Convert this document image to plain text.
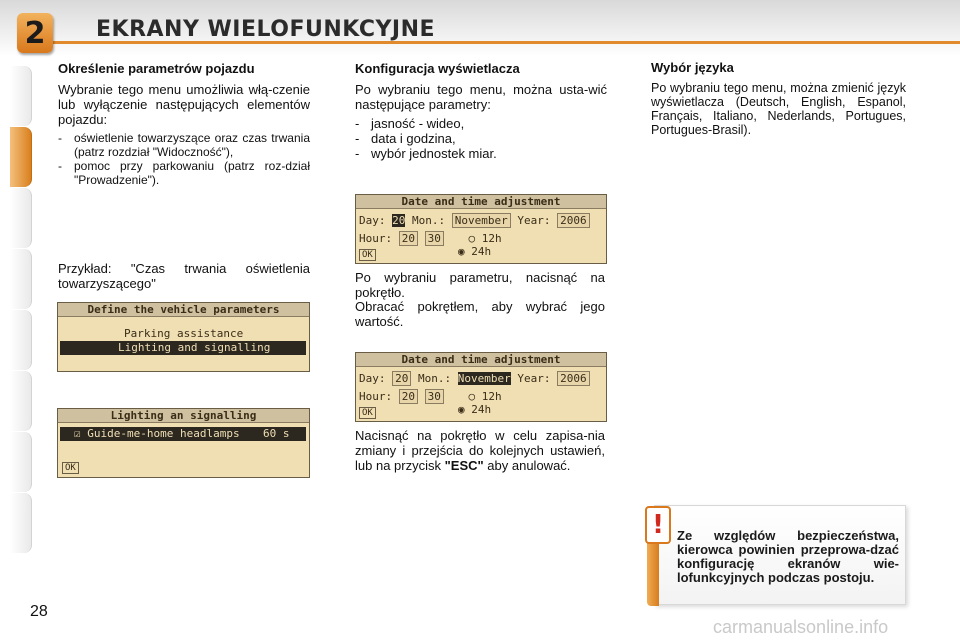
2 EKRANY WIELOFUNKCYJNE
Określenie parametrów pojazdu

Wybranie tego menu umożliwia włą-czenie lub wyłączenie następujących elementów pojazdu:

- oświetlenie towarzyszące oraz czas trwania (patrz rozdział "Widoczność"),
- pomoc przy parkowaniu (patrz roz-dział "Prowadzenie").
Przykład: "Czas trwania oświetlenia towarzyszącego"
Define the vehicle parameters
Parking assistance
Lighting and signalling
Lighting an signalling
☑ Guide-me-home headlamps	60 s
OK
Konfiguracja wyświetlacza

Po wybraniu tego menu, można usta-wić następujące parametry:

- jasność - wideo,
- data i godzina,
- wybór jednostek miar.
Date and time adjustment
Day: 20 Mon.: November Year: 2006
Hour: 20 30	○ 12h
◉ 24h
OK
Po wybraniu parametru, nacisnąć na pokrętło.
Obracać pokrętłem, aby wybrać jego wartość.
Date and time adjustment
Day: 20 Mon.: November Year: 2006
Hour: 20 30	○ 12h
◉ 24h
OK
Nacisnąć na pokrętło w celu zapisa-nia zmiany i przejścia do kolejnych ustawień, lub na przycisk "ESC" aby anulować.
Wybór języka

Po wybraniu tego menu, można zmienić język wyświetlacza (Deutsch, English, Espanol, Français, Italiano, Nederlands, Portugues, Portugues-Brasil).

!	Ze względów bezpieczeństwa, kierowca powinien przeprowa-dzać konfigurację ekranów wie-lofunkcyjnych podczas postoju.
28
carmanualsonline.info
